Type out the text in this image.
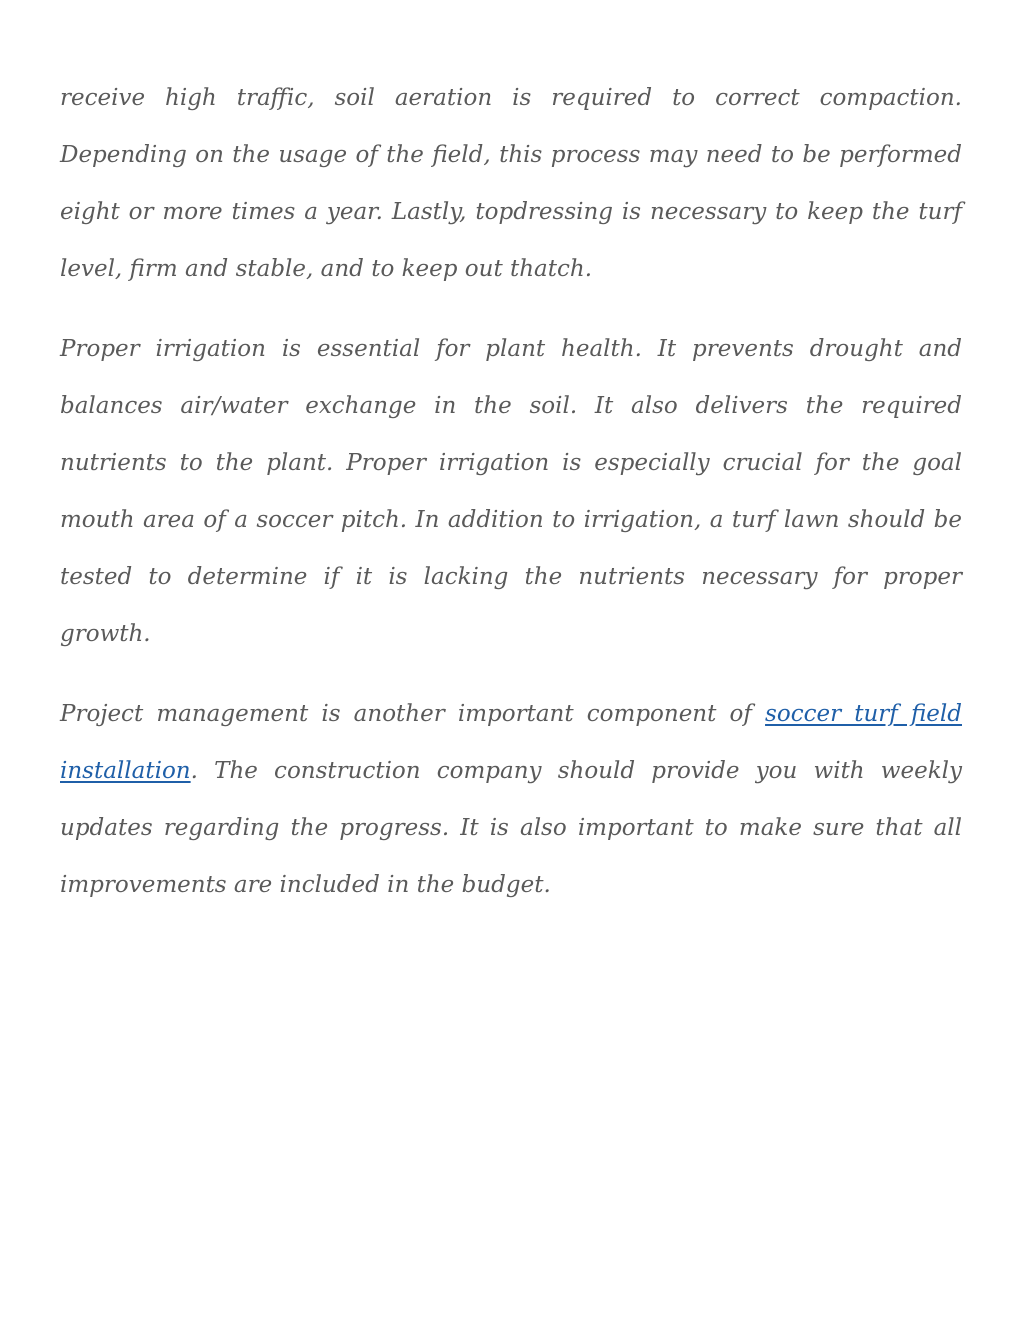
receive high traffic, soil aeration is required to correct compaction. Depending on the usage of the field, this process may need to be performed eight or more times a year. Lastly, topdressing is necessary to keep the turf level, firm and stable, and to keep out thatch.

Proper irrigation is essential for plant health. It prevents drought and balances air/water exchange in the soil. It also delivers the required nutrients to the plant. Proper irrigation is especially crucial for the goal mouth area of a soccer pitch. In addition to irrigation, a turf lawn should be tested to determine if it is lacking the nutrients necessary for proper growth.

Project management is another important component of soccer turf field installation. The construction company should provide you with weekly updates regarding the progress. It is also important to make sure that all improvements are included in the budget.
